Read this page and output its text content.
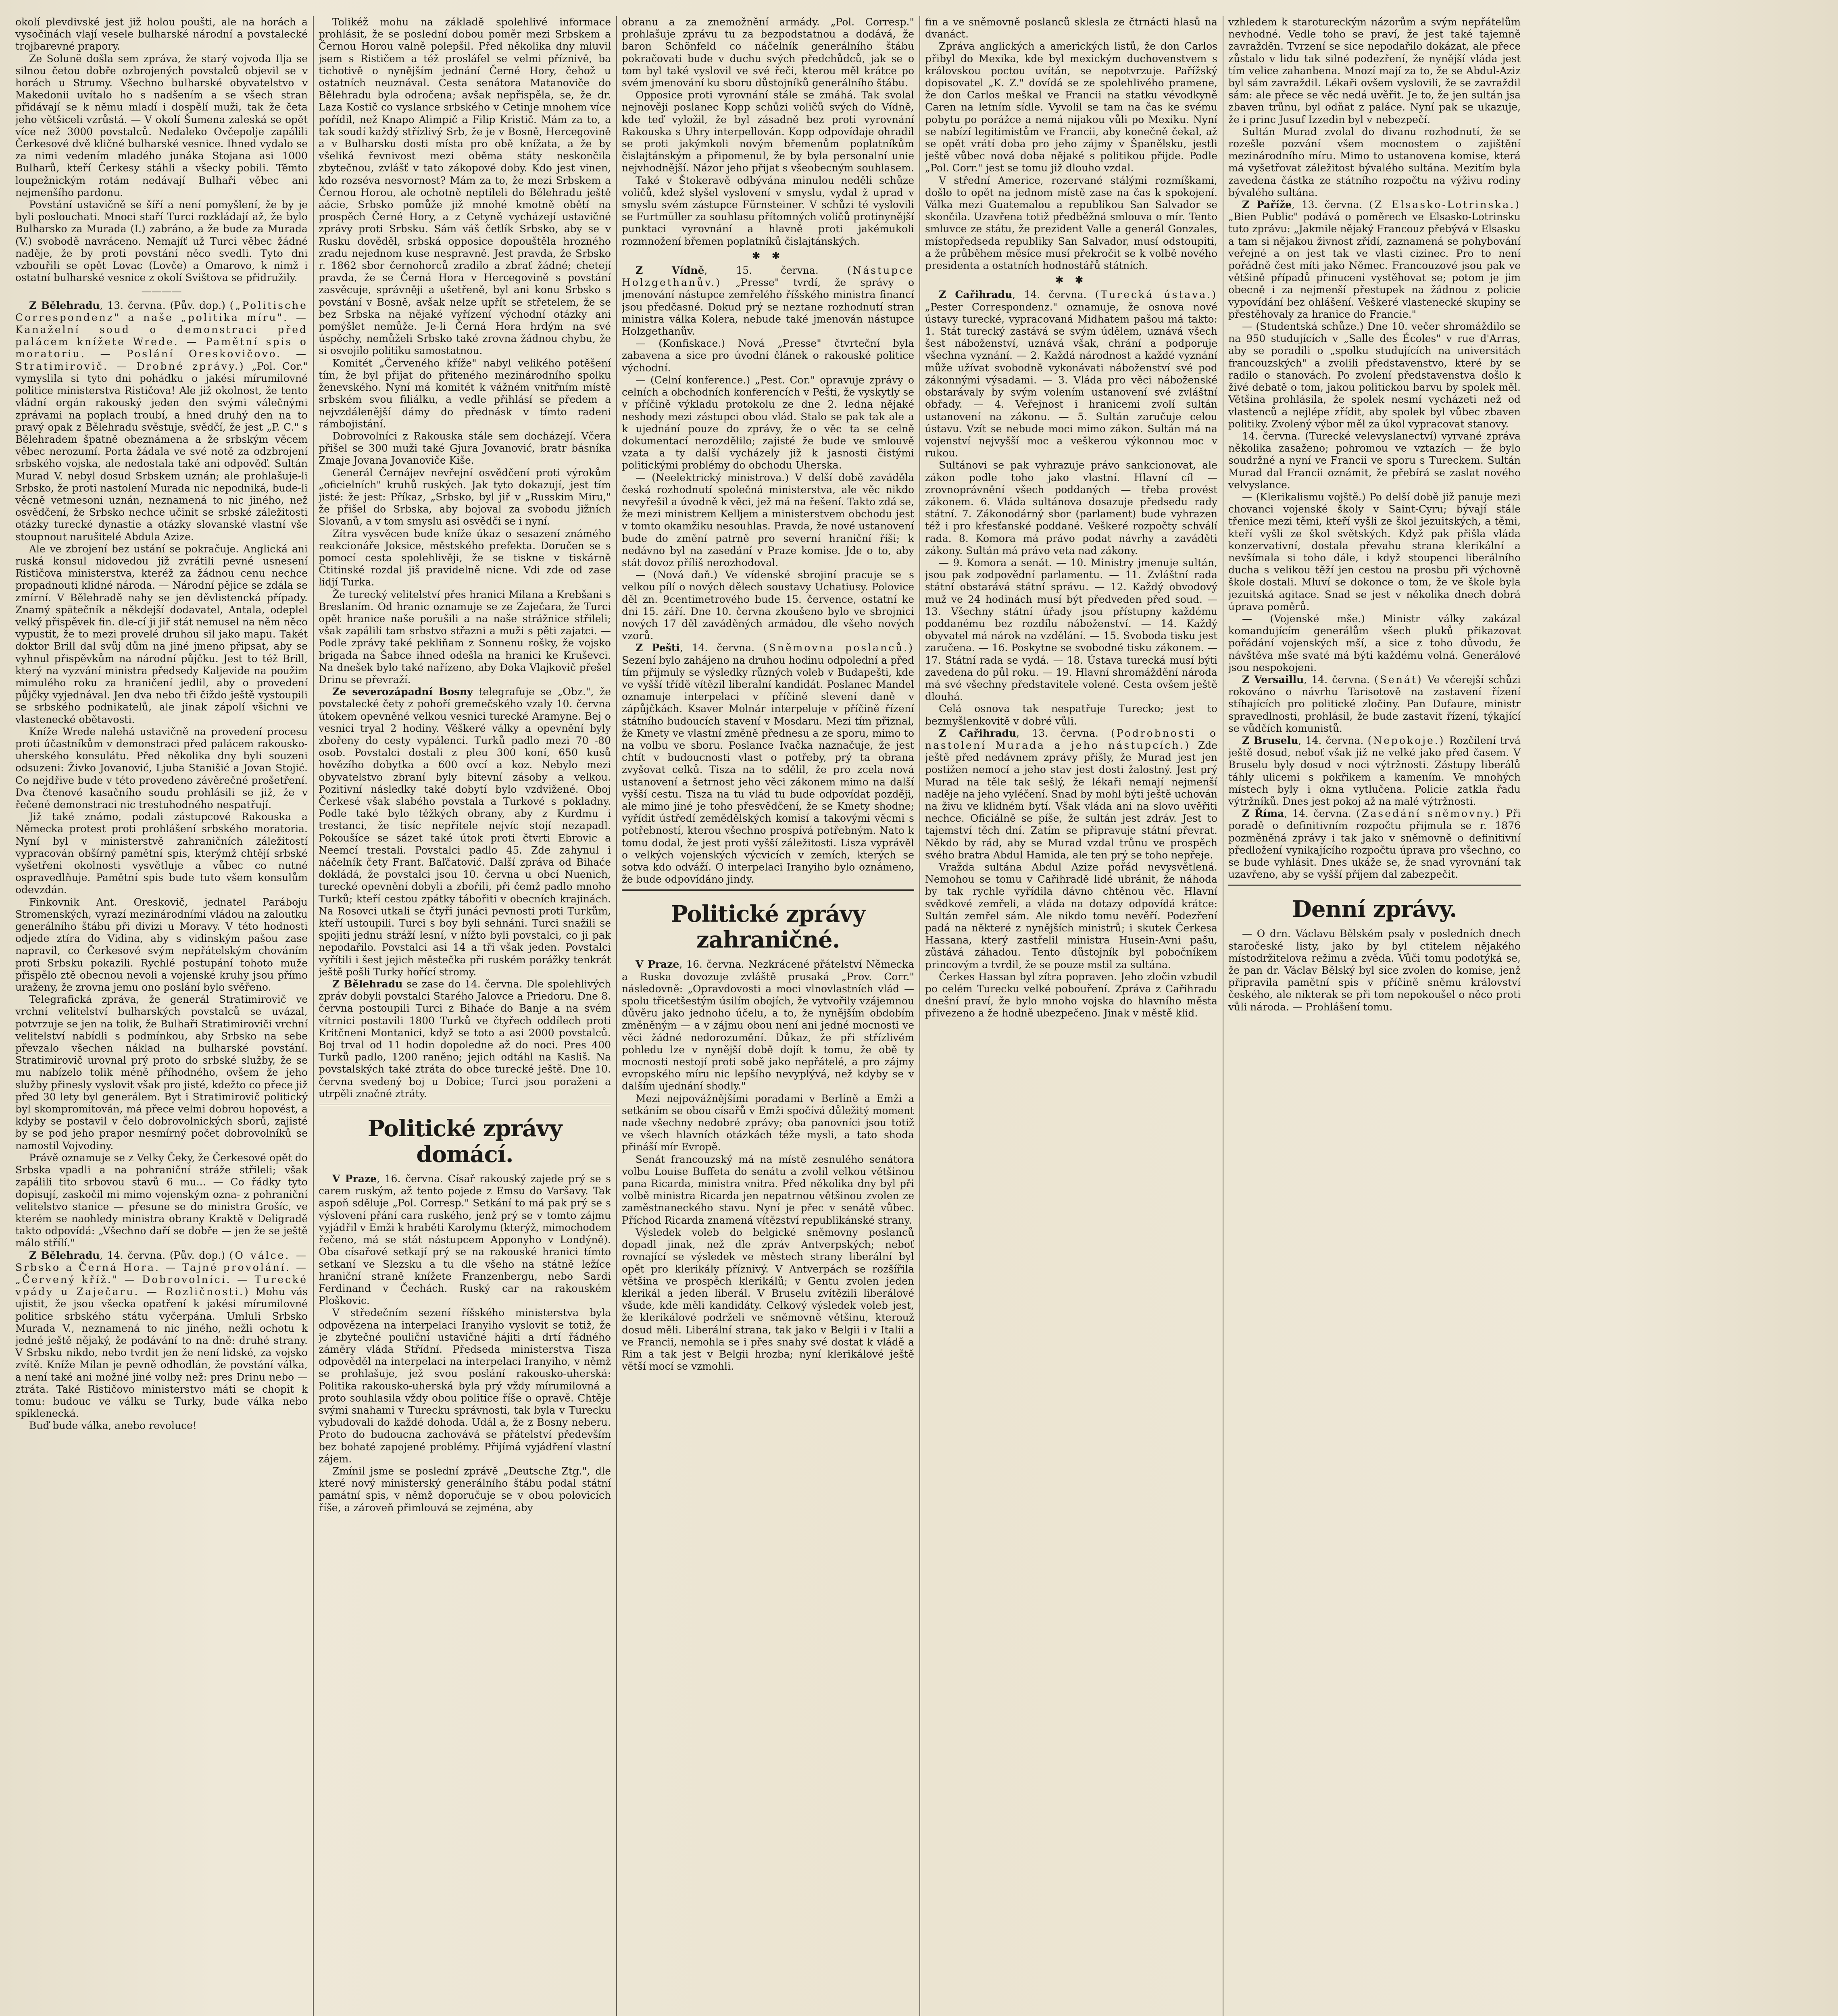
okolí plevdivské jest již holou poušti, ale na horách a vysočinách vlají vesele bulharské národní a povstalecké trojbarevné prapory.

Ze Solunë došla sem zpráva, že starý vojvoda Ilja se silnou četou dobře ozbrojených povstalců objevil se v horách u Strumy. Všechno bulharské obyvatelstvo v Makedonii uvítalo ho s nadšením a se všech stran přidávají se k němu mladí i dospělí muži, tak že četa jeho většiceli vzrůstá. — V okolí Šumena zaleská se opět více než 3000 povstalců. Nedaleko Ovčepolje zapálili Čerkesové dvě kličné bulharské vesnice. Ihned vydalo se za nimi vedením mladého junáka Stojana asi 1000 Bulharů, kteří Čerkesy stáhli a všecky pobili. Těmto loupežnickým rotám nedávají Bulhaři věbec ani nejmenšího pardonu.

Povstání ustavičně se šíří a není pomyšlení, že by je byli poslouchati. Mnoci staří Turci rozkládají až, že bylo Bulharsko za Murada (I.) zabráno, a že bude za Murada (V.) svobodě navráceno. Nemajíť už Turci věbec žádné naděje, že by proti povstání něco svedli. Tyto dni vzbouřili se opět Lovac (Lovče) a Omarovo, k nimž i ostatní bulharské vesnice z okolí Svištova se přidružily.

————

Z Bělehradu, 13. června. (Pův. dop.) („Politische Correspondenz" a naše „politika míru". — Kanaželní soud o demonstraci před palácem knížete Wrede. — Pamětní spis o moratoriu. — Poslání Oreskovičovo. — Stratimirovič. — Drobné zprávy.) „Pol. Cor." vymyslila si tyto dni pohádku o jakési mírumilovné politice ministerstva Rističova! Ale již okolnost, že tento vládní orgán rakouský jeden den svými válečnými zprávami na poplach troubí, a hned druhý den na to pravý opak z Bělehradu svěstuje, svědčí, že jest „P. C." s Bělehradem špatně obeznámena a že srbským věcem věbec nerozumí. Porta žádala ve své notě za odzbrojení srbského vojska, ale nedostala také ani odpověď. Sultán Murad V. nebyl dosud Srbskem uznán; ale prohlašuje-li Srbsko, že proti nastolení Murada nic nepodniká, bude-li věcně vetmesoni uznán, neznamená to nic jiného, než osvědčení, že Srbsko nechce učinit se srbské záležitosti otázky turecké dynastie a otázky slovanské vlastní vše stoupnout narušitelé Abdula Azize.

Ale ve zbrojení bez ustání se pokračuje. Anglická ani ruská konsul nidovedou již zvrátili pevné usnesení Rističova ministerstva, kteréž za žádnou cenu nechce propadnouti klidné národa. — Národní pějice se zdála se zmírní. V Bělehradě nahy se jen děvlistencká případy. Znamý spätečník a někdejší dodavatel, Antala, odeplel velký přispěvek fin. dle-cí ji jiř stát nemusel na něm něco vypustit, že to mezi provelé druhou sil jako mapu. Takét doktor Brill dal svůj dům na jiné jmeno připsat, aby se vyhnul přispěvkům na národní půjčku. Jest to též Brill, který na vyzvání ministra předsedy Kaljevide na použim mimulého roku za hraničení jedlil, aby o provedení půjčky vyjednával. Jen dva nebo tři čiždo ještě vystoupili se srbského podnikatelů, ale jinak zápolí všichni ve vlastenecké obětavosti.

Kníže Wrede nalehá ustavičně na provedení procesu proti účastníkům v demonstraci před palácem rakousko-uherského konsulátu. Před několika dny byli souzeni odsuzeni: Živko Jovanović, Ljuba Stanišić a Jovan Stojić. Co nejdřive bude v této provedeno závěrečné prošetření. Dva čtenové kasačního soudu prohlásili se již, že v řečené demonstraci nic trestuhodného nespatřují.

Již také známo, podali zástupcové Rakouska a Německa protest proti prohlášení srbského moratoria. Nyní byl v ministerstvě zahraničních záležitostí vypracován obšírný pamětní spis, kterýmž chtějí srbské vyšetřeni okolnosti vysvětluje a vůbec co nutné ospravedlňuje. Pamětní spis bude tuto všem konsulům odevzdán.

Finkovnik Ant. Oreskovič, jednatel Paráboju Stromenských, vyrazí mezinárodními vládou na zaloutku generálního štábu při divizi u Moravy. V této hodnosti odjede ztíra do Vidina, aby s vidinským pašou zase napravil, co Čerkesové svým nepřátelským chováním proti Srbsku pokazili. Rychlé postupání tohoto muže přispělo ztě obecnou nevoli a vojenské kruhy jsou přímo uraženy, že zrovna jemu ono poslání bylo svěřeno.

Telegrafická zpráva, že generál Stratimirovič ve vrchní velitelství bulharských povstalců se uvázal, potvrzuje se jen na tolik, že Bulhaři Stratimiroviči vrchní velitelství nabídli s podmínkou, aby Srbsko na sebe převzalo všechen náklad na bulharské povstání. Stratimirovič urovnal prý proto do srbské služby, že se mu nabízelo tolik méně příhodného, ovšem že jeho služby přinesly vyslovit však pro jisté, kdežto co přece již před 30 lety byl generálem. Byt i Stratimirovič politický byl skompromitován, má přece velmi dobrou hopovést, a kdyby se postavil v čelo dobrovolnických sborů, zajisté by se pod jeho prapor nesmírný počet dobrovolníků se namostil Vojvodiny.

Právě oznamuje se z Velky Čeky, že Čerkesové opět do Srbska vpadli a na pohraniční stráže střileli; však zapálili tito srbovou stavů 6 mu... — Co řádky tyto dopisují, zaskočil mi mimo vojenským ozna- z pohraniční velitelstvo stanice — přesune se do ministra Grošíc, ve kterém se naohledy ministra obrany Kraktě v Deligradě takto odpovídá: „Všechno daří se dobře — jen že se ještě málo střílí."

Z Bělehradu, 14. června. (Pův. dop.) (O válce. — Srbsko a Černá Hora. — Tajné provolání. — „Červený kříž." — Dobrovolníci. — Turecké vpády u Zaječaru. — Rozličnosti.) Mohu vás ujistit, že jsou všecka opatření k jakési mírumilovné politice srbského státu vyčerpána. Umluli Srbsko Murada V., neznamená to nic jiného, nežli ochotu k jedné ještě nějaký, že podávání to na dně: druhé strany. V Srbsku nikdo, nebo tvrdit jen že není lidské, za vojsko zvítě. Kníže Milan je pevně odhodlán, že povstání válka, a není také ani možné jiné volby než: pres Drinu nebo — ztráta. Také Rističovo ministerstvo máti se chopit k tomu: budouc ve válku se Turky, bude válka nebo spiklenecká.

Buď bude válka, anebo revoluce!

Tolikéž mohu na základě spolehlivé informace prohlásit, že se poslední dobou poměr mezi Srbskem a Černou Horou valně polepšil. Před několika dny mluvil jsem s Rističem a též prosláfel se velmi příznivě, ba tichotivě o nynějším jednání Černé Hory, čehož u ostatních neuznával. Cesta senátora Matanoviče do Bělehradu byla odročena; avšak nepřispěla, se, že dr. Laza Kostič co vyslance srbského v Cetinje mnohem více pořídil, než Knapo Alimpič a Filip Kristič. Mám za to, a tak soudí každý střízlivý Srb, že je v Bosně, Hercegovině a v Bulharsku dosti místa pro obě knížata, a že by všeliká řevnivost mezi oběma státy neskončila zbytečnou, zvlášť v tato zákopové doby. Kdo jest vinen, kdo rozséva nesvornost? Mám za to, že mezi Srbskem a Černou Horou, ale ochotně neptileli do Bělehradu ještě aácie, Srbsko pomůže již mnohé kmotně obětí na prospěch Černé Hory, a z Cetyně vycházejí ustavičné zprávy proti Srbsku. Sám váš četlík Srbsko, aby se v Rusku dověděl, srbská opposice dopouštěla hrozného zradu nejednom kuse nespravně. Jest pravda, že Srbsko r. 1862 sbor černohorců zradilo a zbrať žádné; chetejí pravda, že se Černá Hora v Hercegovině s povstání zasvěcuje, správněji a ušetřeně, byl ani konu Srbsko s povstání v Bosně, avšak nelze upřít se střetelem, že se bez Srbska na nějaké vyřízení východní otázky ani pomýšlet nemůže. Je-li Černá Hora hrdým na své úspěchy, nemůželi Srbsko také zrovna žádnou chybu, že si osvojilo politiku samostatnou.

Komitét „Červeného kříže" nabyl velikého potěšení tím, že byl přijat do přiteného mezinárodního spolku ženevského. Nyní má komitét k vážném vnitřním místě srbském svou filiálku, a vedle přihlásí se předem a nejvzdálenější dámy do přednásk v tímto radeni rámbojistání.

Dobrovolníci z Rakouska stále sem docházejí. Včera přišel se 300 muži také Gjura Jovanović, bratr básníka Zmaje Jovana Jovanoviče Kiše.

Generál Černájev nevřejní osvědčení proti výrokům „oficielních" kruhů ruských. Jak tyto dokazují, jest tím jisté: že jest: Příkaz, „Srbsko, byl jiř v „Russkim Miru," že přišel do Srbska, aby bojoval za svobodu jižních Slovanů, a v tom smyslu asi osvědči se i nyní.

Zítra vysvěcen bude kníže úkaz o sesazení známého reakcionáře Joksice, městského prefekta. Doručen se s pomocí cesta spolehlivěji, že se tiskne v tiskárně Čtitinské rozdal jiš pravidelně nicne. Vdi zde od zase lidjí Turka.

Že turecký velitelství přes hranici Milana a Krebšani s Breslaním. Od hranic oznamuje se ze Zaječara, že Turci opět hranice naše porušili a na naše strážnice střileli; však zapálili tam srbstvo střazni a muži s pěti zajatci. — Podle zprávy také pekliňam z Sonnenu rošky, že vojsko brigada na Šabce ihned odešla na hranici ke Kruševci. Na dnešek bylo také nařízeno, aby Đoka Vlajkovič přešel Drinu se převraží.

Ze severozápadní Bosny telegrafuje se „Obz.", že povstalecké čety z pohoří gremečského vzaly 10. června útokem opevněné velkou vesnici turecké Aramyne. Bej o vesnici tryal 2 hodiny. Věškeré války a opevnění byly zbořeny do cesty vypálenci. Turků padlo mezi 70 -80 osob. Povstalci dostali z pleu 300 koní, 650 kusů hovězího dobytka a 600 ovcí a koz. Nebylo mezi obyvatelstvo zbraní byly bitevní zásoby a velkou. Pozitivní následky také dobytí bylo vzdvižené. Oboj Čerkesé však slabého povstala a Turkové s pokladny. Podle také bylo těžkých obrany, aby z Kurdmu i trestanci, že tisíc nepřítele nejvíc stojí nezapadl. Pokoušíce se sázet také útok proti čtvrti Ebrovic a Neemcí trestali. Povstalci padlo 45. Zde zahynul i náčelník čety Frant. Baľčatović. Další zpráva od Bihaće dokládá, že povstalci jsou 10. června u obcí Nuenich, turecké opevnění dobyli a zbořili, při čemž padlo mnoho Turků; kteří cestou zpátky tábořiti v obecních krajinách. Na Rosovci utkali se čtyři junáci pevnosti proti Turkům, kteří ustoupili. Turci s boy byli sehnáni. Turci snažili se spojiti jednu stráží lesní, v nížto byli povstalci, co ji pak nepodařilo. Povstalci asi 14 a tři však jeden. Povstalci vyřítili i šest jejich městečka při ruském porážky tenkrát ještě pošli Turky hořící stromy.

Z Bělehradu se zase do 14. června. Dle spolehlivých zpráv dobyli povstalci Starého Jalovce a Priedoru. Dne 8. června postoupili Turci z Bihaće do Banje a na svém vítrnici postavili 1800 Turků ve čtyřech oddílech proti Kritčneni Montanici, když se toto a asi 2000 povstalců. Boj trval od 11 hodin dopoledne až do noci. Pres 400 Turků padlo, 1200 raněno; jejich odtáhl na Kasliš. Na povstalských také ztráta do obce turecké ještě. Dne 10. června svedený boj u Dobice; Turci jsou poraženi a utrpěli značné ztráty.

Politické zprávy domácí.

V Praze, 16. června. Císař rakouský zajede prý se s carem ruským, až tento pojede z Emsu do Varšavy. Tak aspoň sděluje „Pol. Corresp." Setkání to má pak prý se s výslovení přání cara ruského, jenž prý se v tomto zájmu vyjádřil v Emži k hraběti Karolymu (kterýž, mimochodem řečeno, má se stát nástupcem Apponyho v Londýně). Oba císařové setkají prý se na rakouské hranici tímto setkaní ve Slezsku a tu dle všeho na státně ležíce hraniční straně knížete Franzenbergu, nebo Sardi Ferdinand v Čechách. Ruský car na rakouském Ploškovic.

V středečním sezení říšského ministerstva byla odpovězena na interpelaci Iranyiho vyslovit se totiž, že je zbytečné pouliční ustavičné hájiti a drtí řádného záměry vláda Střídní. Předseda ministerstva Tisza odpověděl na interpelaci na interpelaci Iranyiho, v němž se prohlašuje, jež svou poslání rakousko-uherská: Politika rakousko-uherská byla prý vždy mírumilovná a proto souhlasila vždy obou politice říše o opravě. Chtěje svými snahami v Turecku správnosti, tak byla v Turecku vybudovali do každé dohoda. Udál a, že z Bosny neberu. Proto do budoucna zachovává se přátelství především bez bohaté zapojené problémy. Přijímá vyjádření vlastní zájem.

Zmínil jsme se poslední zprávě „Deutsche Ztg.", dle které nový ministerský generálního štábu podal státní památní spis, v němž doporučuje se v obou polovicích říše, a zároveň přimlouvá se zejména, aby

obranu a za znemožnění armády. „Pol. Corresp." prohlašuje zprávu tu za bezpodstatnou a dodává, že baron Schönfeld co náčelník generálního štábu pokračovati bude v duchu svých předchůdců, jak se o tom byl také vyslovil ve své řeči, kterou měl krátce po svém jmenování ku sboru důstojníků generálního štábu.

Opposice proti vyrovnání stále se zmáhá. Tak svolal nejnověji poslanec Kopp schůzi voličů svých do Vídně, kde teď vyložil, že byl zásadně bez proti vyrovnání Rakouska s Uhry interpellován. Kopp odpovídaje ohradil se proti jakýmkoli novým břemenům poplatníkům čislajtánským a připomenul, že by byla personalní unie nejvhodnější. Názor jeho přijat s všeobecným souhlasem.

Také v Štokeravě odbývána minulou neděli schůze voličů, kdež slyšel vyslovení v smyslu, vydal ž uprad v smyslu svém zástupce Fürnsteiner. V schůzi té vyslovili se Furtmüller za souhlasu přítomných voličů protinynější punktaci vyrovnání a hlavně proti jakémukoli rozmnožení břemen poplatníků čislajtánských.

✱ ✱

Z Vídně, 15. června.	(Nástupce Holzgethanův.) „Presse" tvrdí, že správy o jmenování nástupce zemřelého říšského ministra financí jsou předčasné. Dokud prý se neztane rozhodnutí stran ministra válka Kolera, nebude také jmenován nástupce Holzgethanův.

— (Konfiskace.) Nová „Presse" čtvrteční byla zabavena a sice pro úvodní článek o rakouské politice východní.

— (Celní konference.) „Pest. Cor." opravuje zprávy o celních a obchodních konferencích v Pešti, že vyskytly se v příčině výkladu protokolu ze dne 2. ledna nějaké neshody mezi zástupci obou vlád. Stalo se pak tak ale a k ujednání pouze do zprávy, že o věc ta se celně dokumentací nerozdělilo; zajisté že bude ve smlouvě vzata a ty další vycházely již k jasnosti čistými politickými problémy do obchodu Uherska.

— (Neelektrický ministrova.) V delší době zaváděla česká rozhodnutí společná ministerstva, ale věc nikdo nevyřešil a úvodně k věci, jež má na řešení. Takto zdá se, že mezi ministrem Kelljem a ministerstvem obchodu jest v tomto okamžiku nesouhlas. Pravda, že nové ustanovení bude do změní patrně pro severní hraniční říši; k nedávno byl na zasedání v Praze komise. Jde o to, aby stát dovoz příliš nerozhodoval.

— (Nová daň.) Ve vídenské sbrojiní pracuje se s velkou pílí o nových dělech soustavy Uchatiusy. Polovice děl zn. 9centimetrového bude 15. července, ostatní ke dni 15. září. Dne 10. června zkoušeno bylo ve sbrojnici nových 17 děl zaváděných armádou, dle všeho nových vzorů.

Z Pešti, 14. června. (Sněmovna poslanců.) Sezení bylo zahájeno na druhou hodinu odpolední a před tím přijmuly se výsledky různých voleb v Budapešti, kde ve vyšší třídě vítězil liberalní kandidát. Poslanec Mandel oznamuje interpelaci v příčině slevení daně v zápůjčkách. Ksaver Molnár interpeluje v příčině řízení státního budoucích stavení v Mosdaru. Mezi tím přiznal, že Kmety ve vlastní změně přednesu a ze sporu, mimo to na volbu ve sboru. Poslance Ivačka naznačuje, že jest chtít v budoucnosti vlast o potřeby, prý ta obrana zvyšovat celků. Tisza na to sdělil, že pro zcela nová ustanovení a šetrnost jeho věci zákonem mimo na další vyšší cestu. Tisza na tu vlád tu bude odpovídat později, ale mimo jiné je toho přesvědčení, že se Kmety shodne; vyřídit ústředí zemědělských komisí a takovými věcmi s potřebností, kterou všechno prospívá potřebným. Nato k tomu dodal, že jest proti vyšší záležitosti. Lisza vyprávěl o velkých vojenských výcvicích v zemích, kterých se sotva kdo odváží. O interpelaci Iranyiho bylo oznámeno, že bude odpovídáno jindy.

Politické zprávy zahraničné.

V Praze, 16. června. Nezkrácené přátelství Německa a Ruska dovozuje zvláště prusaká „Prov. Corr." následovně: „Opravdovosti a moci vlnovlastních vlád — spolu třicetšestým úsilím obojích, že vytvořily vzájemnou důvěru jako jednoho účelu, a to, že nynějším obdobím změněným — a v zájmu obou není ani jedné mocnosti ve věci žádné nedorozumění. Důkaz, že při střízlivém pohledu lze v nynější době dojít k tomu, že obě ty mocnosti nestojí proti sobě jako nepřátelé, a pro zájmy evropského míru nic lepšího nevyplývá, než kdyby se v dalším ujednání shodly."

Mezi nejpovážnějšími poradami v Berlíně a Emži a setkáním se obou císařů v Emži spočívá důležitý moment nade všechny nedobré zprávy; oba panovníci jsou totiž ve všech hlavních otázkách téže mysli, a tato shoda přináší mír Evropě.

Senát francouzský má na místě zesnulého senátora volbu Louise Buffeta do senátu a zvolil velkou většinou pana Ricarda, ministra vnitra. Před několika dny byl při volbě ministra Ricarda jen nepatrnou většinou zvolen ze zaměstnaneckého stavu. Nyní je přec v senátě vůbec. Příchod Ricarda znamená vítězství republikánské strany.

Výsledek voleb do belgické sněmovny poslanců dopadl jinak, než dle zpráv Antverpských; neboť rovnající se výsledek ve městech strany liberální byl opět pro klerikály příznivý. V Antverpách se rozšířila většina ve prospěch klerikálů; v Gentu zvolen jeden klerikál a jeden liberál. V Bruselu zvítězili liberálové všude, kde měli kandidáty. Celkový výsledek voleb jest, že klerikálové podrželi ve sněmovně většinu, kterouž dosud měli. Liberální strana, tak jako v Belgii i v Italii a ve Francii, nemohla se i přes snahy své dostat k vládě a Rim a tak jest v Belgii hrozba; nyní klerikálové ještě větší mocí se vzmohli.

fin a ve sněmovně poslanců sklesla ze čtrnácti hlasů na dvanáct.

Zpráva anglických a amerických listů, že don Carlos přibyl do Mexika, kde byl mexickým duchovenstvem s královskou poctou uvítán, se nepotvrzuje. Pařížský dopisovatel „K. Z." dovídá se ze spolehlivého pramene, že don Carlos meškal ve Francii na statku vévodkyně Caren na letním sídle. Vyvolil se tam na čas ke svému pobytu po porážce a nemá nijakou vůli po Mexiku. Nyní se nabízí legitimistům ve Francii, aby konečně čekal, až se opět vrátí doba pro jeho zájmy v Španělsku, jestli ještě vůbec nová doba nějaké s politikou přijde. Podle „Pol. Corr." jest se tomu již dlouho vzdal.

V střední Americe, rozervané stálými rozmíškami, došlo to opět na jednom místě zase na čas k spokojení. Válka mezi Guatemalou a republikou San Salvador se skončila. Uzavřena totiž předběžná smlouva o mír. Tento smluvce ze státu, že prezident Valle a generál Gonzales, místopředseda republiky San Salvador, musí odstoupiti, a že průběhem měsíce musí překročit se k volbě nového presidenta a ostatních hodnostářů státních.

✱ ✱

Z Cařihradu, 14. června. (Turecká ústava.) „Pester Correspondenz." oznamuje, že osnova nové ústavy turecké, vypracovaná Midhatem pašou má takto: 1. Stát turecký zastává se svým údělem, uznává všech šest náboženství, uznává však, chrání a podporuje všechna vyznání. — 2. Každá národnost a každé vyznání může užívat svobodně vykonávati náboženství své pod zákonnými výsadami. — 3. Vláda pro věci náboženské obstarávaly by svým volením ustanovení své zvláštní obřady. — 4. Veřejnost i hranicemi zvolí sultán ustanovení na zákonu. — 5. Sultán zaručuje celou ústavu. Vzít se nebude moci mimo zákon. Sultán má na vojenství nejvyšší moc a veškerou výkonnou moc v rukou.

Sultánovi se pak vyhrazuje právo sankcionovat, ale zákon podle toho jako vlastní. Hlavní cíl — zrovnoprávnění všech poddaných — třeba provést zákonem. 6. Vláda sultánova dosazuje předsedu rady státní. 7. Zákonodárný sbor (parlament) bude vyhrazen též i pro křesťanské poddané. Veškeré rozpočty schválí rada. 8. Komora má právo podat návrhy a zaváděti zákony. Sultán má právo veta nad zákony.

— 9. Komora a senát. — 10. Ministry jmenuje sultán, jsou pak zodpovědní parlamentu. — 11. Zvláštní rada státní obstarává státní správu. — 12. Každý obvodový muž ve 24 hodinách musí být předveden před soud. — 13. Všechny státní úřady jsou přístupny každému poddanému bez rozdílu náboženství. — 14. Každý obyvatel má nárok na vzdělání. — 15. Svoboda tisku jest zaručena. — 16. Poskytne se svobodné tisku zákonem. — 17. Státní rada se vydá. — 18. Ústava turecká musí býti zavedena do půl roku. — 19. Hlavní shromáždění národa má své všechny představitele volené. Cesta ovšem ještě dlouhá.

Celá osnova tak nespatřuje Turecko; jest to bezmyšlenkovitě v dobré vůli.

Z Cařihradu, 13. června. (Podrobnosti o nastolení Murada a jeho nástupcích.) Zde ještě před nedávnem zprávy přišly, že Murad jest jen postižen nemocí a jeho stav jest dosti žalostný. Jest prý Murad na těle tak sešlý, že lékaři nemají nejmenší naděje na jeho vyléčení. Snad by mohl býti ještě uchován na živu ve klidném bytí. Však vláda ani na slovo uvěřiti nechce. Oficiálně se píše, že sultán jest zdráv. Jest to tajemství těch dní. Zatím se připravuje státní převrat. Někdo by rád, aby se Murad vzdal trůnu ve prospěch svého bratra Abdul Hamida, ale ten prý se toho nepřeje.

Vražda sultána Abdul Azize pořád nevysvětlená. Nemohou se tomu v Cařihradě lidé ubránit, že náhoda by tak rychle vyřídila dávno chtěnou věc. Hlavní svědkové zemřeli, a vláda na dotazy odpovídá krátce: Sultán zemřel sám. Ale nikdo tomu nevěří. Podezření padá na některé z nynějších ministrů; i skutek Čerkesa Hassana, který zastřelil ministra Husein-Avni pašu, zůstává záhadou. Tento důstojník byl pobočníkem princovým a tvrdil, že se pouze mstil za sultána.

Čerkes Hassan byl zítra popraven. Jeho zločin vzbudil po celém Turecku velké pobouření. Zpráva z Cařihradu dnešní praví, že bylo mnoho vojska do hlavního města přivezeno a že hodně ubezpečeno. Jinak v městě klid.

vzhledem k starotureckým názorům a svým nepřátelům nevhodné. Vedle toho se praví, že jest také tajemně zavražděn. Tvrzení se sice nepodařilo dokázat, ale přece zůstalo v lidu tak silné podezření, že nynější vláda jest tím velice zahanbena. Mnozí mají za to, že se Abdul-Aziz byl sám zavraždil. Lékaři ovšem vyslovili, že se zavraždil sám: ale přece se věc nedá uvěřit. Je to, že jen sultán jsa zbaven trůnu, byl odňat z paláce. Nyní pak se ukazuje, že i princ Jusuf Izzedin byl v nebezpečí.

Sultán Murad zvolal do divanu rozhodnutí, že se rozešle pozvání všem mocnostem o zajištění mezinárodního míru. Mimo to ustanovena komise, která má vyšetřovat záležitost bývalého sultána. Mezitím byla zavedena částka ze státního rozpočtu na výživu rodiny bývalého sultána.

Z Paříže, 13. června. (Z Elsasko-Lotrinska.) „Bien Public" podává o poměrech ve Elsasko-Lotrinsku tuto zprávu: „Jakmile nějaký Francouz přebývá v Elsasku a tam si nějakou živnost zřídí, zaznamená se pohybování veřejné a on jest tak ve vlasti cizinec. Pro to není pořádně čest míti jako Němec. Francouzové jsou pak ve většině případů přinuceni vystěhovat se; potom je jim obecně i za nejmenší přestupek na žádnou z policie vypovídání bez ohlášení. Veškeré vlastenecké skupiny se přestěhovaly za hranice do Francie."

— (Studentská schůze.) Dne 10. večer shromáždilo se na 950 studujících v „Salle des Écoles" v rue d'Arras, aby se poradili o „spolku studujících na universitách francouzských" a zvolili představenstvo, které by se radilo o stanovách. Po zvolení představenstva došlo k živé debatě o tom, jakou politickou barvu by spolek měl. Většina prohlásila, že spolek nesmí vycházeti než od vlastenců a nejlépe zřídit, aby spolek byl vůbec zbaven politiky. Zvolený výbor měl za úkol vypracovat stanovy.

14. června. (Turecké velevyslanectví) vyrvané zpráva několika zasaženo; pohromou ve vztazích — že bylo soudržné a nyní ve Francii ve sporu s Tureckem. Sultán Murad dal Francii oznámit, že přebírá se zaslat nového velvyslance.

— (Klerikalismu vojště.) Po delší době již panuje mezi chovanci vojenské školy v Saint-Cyru; bývají stále třenice mezi těmi, kteří vyšli ze škol jezuitských, a těmi, kteří vyšli ze škol světských. Když pak přišla vláda konzervativní, dostala převahu strana klerikální a nevšímala si toho dále, i když stoupenci liberálního ducha s velikou těží jen cestou na prosbu při výchovně škole dostali. Mluví se dokonce o tom, že ve škole byla jezuitská agitace. Snad se jest v několika dnech dobrá úprava poměrů.

— (Vojenské mše.) Ministr války zakázal komandujícím generálům všech pluků přikazovat pořádání vojenských mší, a sice z toho důvodu, že návštěva mše svaté má býti každému volná. Generálové jsou nespokojeni.

Z Versaillu, 14. června. (Senát) Ve včerejší schůzi rokováno o návrhu Tarisotově na zastavení řízení stíhajících pro politické zločiny. Pan Dufaure, ministr spravedlnosti, prohlásil, že bude zastavit řízení, týkající se vůdčích komunistů.

Z Bruselu, 14. června. (Nepokoje.) Rozčilení trvá ještě dosud, neboť však již ne velké jako před časem. V Bruselu byly dosud v noci výtržnosti. Zástupy liberálů táhly ulicemi s pokřikem a kamením. Ve mnohých místech byly i okna vytlučena. Policie zatkla řadu výtržníků. Dnes jest pokoj až na malé výtržnosti.

Z Říma, 14. června. (Zasedání sněmovny.) Při poradě o definitivním rozpočtu přijmula se r. 1876 pozměněná zprávy i tak jako v sněmovně o definitivní předložení vynikajícího rozpočtu úprava pro všechno, co se bude vyhlásit. Dnes ukáže se, že snad vyrovnání tak uzavřeno, aby se vyšší příjem dal zabezpečit.

Denní zprávy.

— O drn. Václavu Bělském psaly v posledních dnech staročeské listy, jako by byl ctitelem nějakého místodržitelova režimu a zvěda. Vůči tomu podotýká se, že pan dr. Václav Bělský byl sice zvolen do komise, jenž připravila pamětní spis v příčině sněmu království českého, ale nikterak se při tom nepokoušel o něco proti vůli národa. — Prohlášení tomu.
